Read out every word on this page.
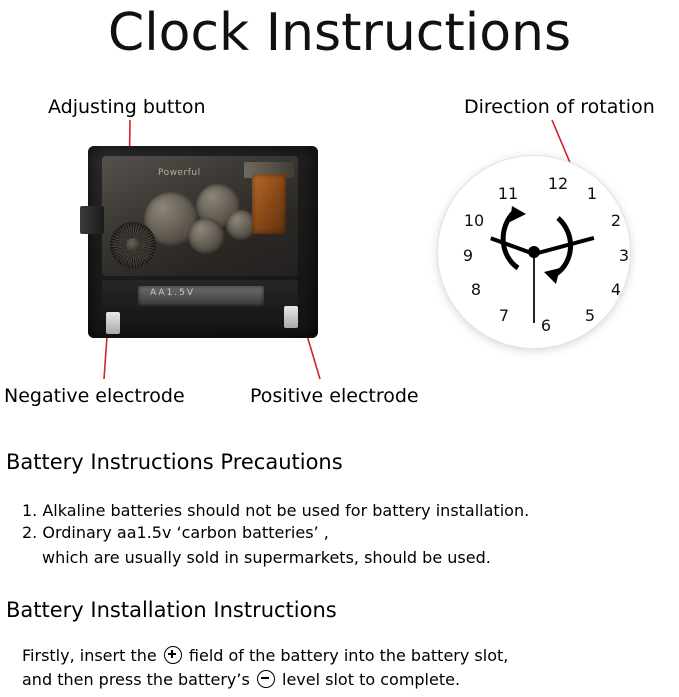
Clock Instructions
Adjusting button	Direction of rotation
Negative electrode	Positive electrode
Powerful
AA1.5V
12
1
2
3
4
5
6
7
8
9
10
11
Battery Instructions Precautions
1. Alkaline batteries should not be used for battery installation.
2. Ordinary aa1.5v ‘carbon batteries’ ,
which are usually sold in supermarkets, should be used.
Battery Installation Instructions
Firstly, insert the field of the battery into the battery slot,
and then press the battery’s level slot to complete.
